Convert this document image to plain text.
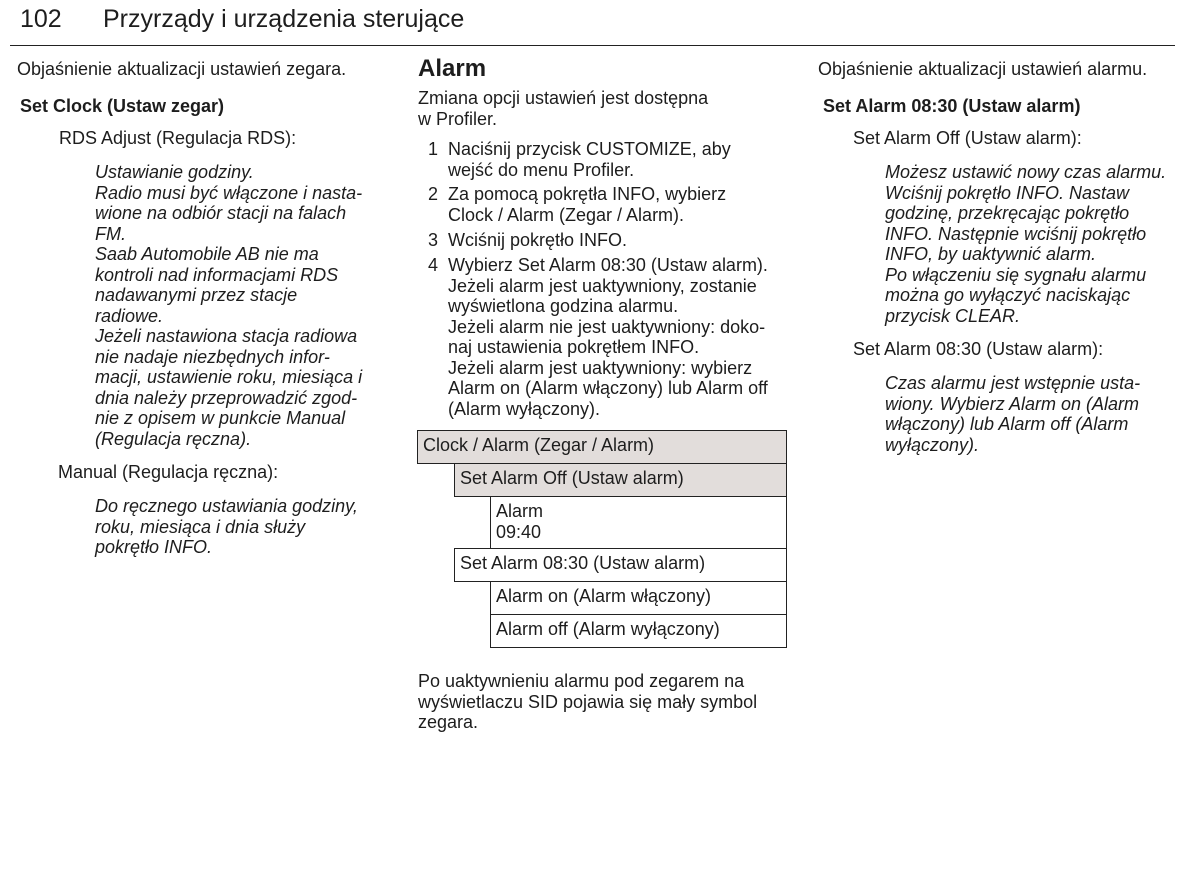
102 Przyrządy i urządzenia sterujące
Objaśnienie aktualizacji ustawień zegara.
Set Clock (Ustaw zegar)
RDS Adjust (Regulacja RDS):
Ustawianie godziny.
Radio musi być włączone i nasta-
wione na odbiór stacji na falach
FM.
Saab Automobile AB nie ma
kontroli nad informacjami RDS
nadawanymi przez stacje
radiowe.
Jeżeli nastawiona stacja radiowa
nie nadaje niezbędnych infor-
macji, ustawienie roku, miesiąca i
dnia należy przeprowadzić zgod-
nie z opisem w punkcie Manual
(Regulacja ręczna).
Manual (Regulacja ręczna):
Do ręcznego ustawiania godziny,
roku, miesiąca i dnia służy
pokrętło INFO.
Alarm
Zmiana opcji ustawień jest dostępna
w Profiler.
1 Naciśnij przycisk CUSTOMIZE, aby
wejść do menu Profiler.
2 Za pomocą pokrętła INFO, wybierz
Clock / Alarm (Zegar / Alarm).
3 Wciśnij pokrętło INFO.
4 Wybierz Set Alarm 08:30 (Ustaw alarm).
Jeżeli alarm jest uaktywniony, zostanie
wyświetlona godzina alarmu.
Jeżeli alarm nie jest uaktywniony: doko-
naj ustawienia pokrętłem INFO.
Jeżeli alarm jest uaktywniony: wybierz
Alarm on (Alarm włączony) lub Alarm off
(Alarm wyłączony).
Clock / Alarm (Zegar / Alarm)
Set Alarm Off (Ustaw alarm)
Alarm
09:40
Set Alarm 08:30 (Ustaw alarm)
Alarm on (Alarm włączony)
Alarm off (Alarm wyłączony)
Po uaktywnieniu alarmu pod zegarem na
wyświetlaczu SID pojawia się mały symbol
zegara.
Objaśnienie aktualizacji ustawień alarmu.
Set Alarm 08:30 (Ustaw alarm)
Set Alarm Off (Ustaw alarm):
Możesz ustawić nowy czas alarmu.
Wciśnij pokrętło INFO. Nastaw
godzinę, przekręcając pokrętło
INFO. Następnie wciśnij pokrętło
INFO, by uaktywnić alarm.
Po włączeniu się sygnału alarmu
można go wyłączyć naciskając
przycisk CLEAR.
Set Alarm 08:30 (Ustaw alarm):
Czas alarmu jest wstępnie usta-
wiony. Wybierz Alarm on (Alarm
włączony) lub Alarm off (Alarm
wyłączony).
